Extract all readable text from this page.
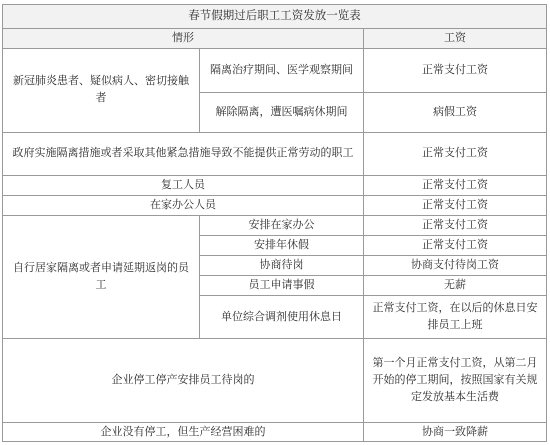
春节假期过后职工工资发放一览表		
情形		工资
新冠肺炎患者、疑似病人、密切接触者	隔离治疗期间、医学观察期间	正常支付工资
	解除隔离，遭医嘱病休期间	病假工资
政府实施隔离措施或者采取其他紧急措施导致不能提供正常劳动的职工		正常支付工资
复工人员		正常支付工资
在家办公人员		正常支付工资
自行居家隔离或者申请延期返岗的员工	安排在家办公	正常支付工资
	安排年休假	正常支付工资
	协商待岗	协商支付待岗工资
	员工申请事假	无薪
	单位综合调剂使用休息日	正常支付工资，在以后的休息日安排员工上班
企业停工停产安排员工待岗的		第一个月正常支付工资，从第二月开始的停工期间，按照国家有关规定发放基本生活费
企业没有停工，但生产经营困难的		协商一致降薪
